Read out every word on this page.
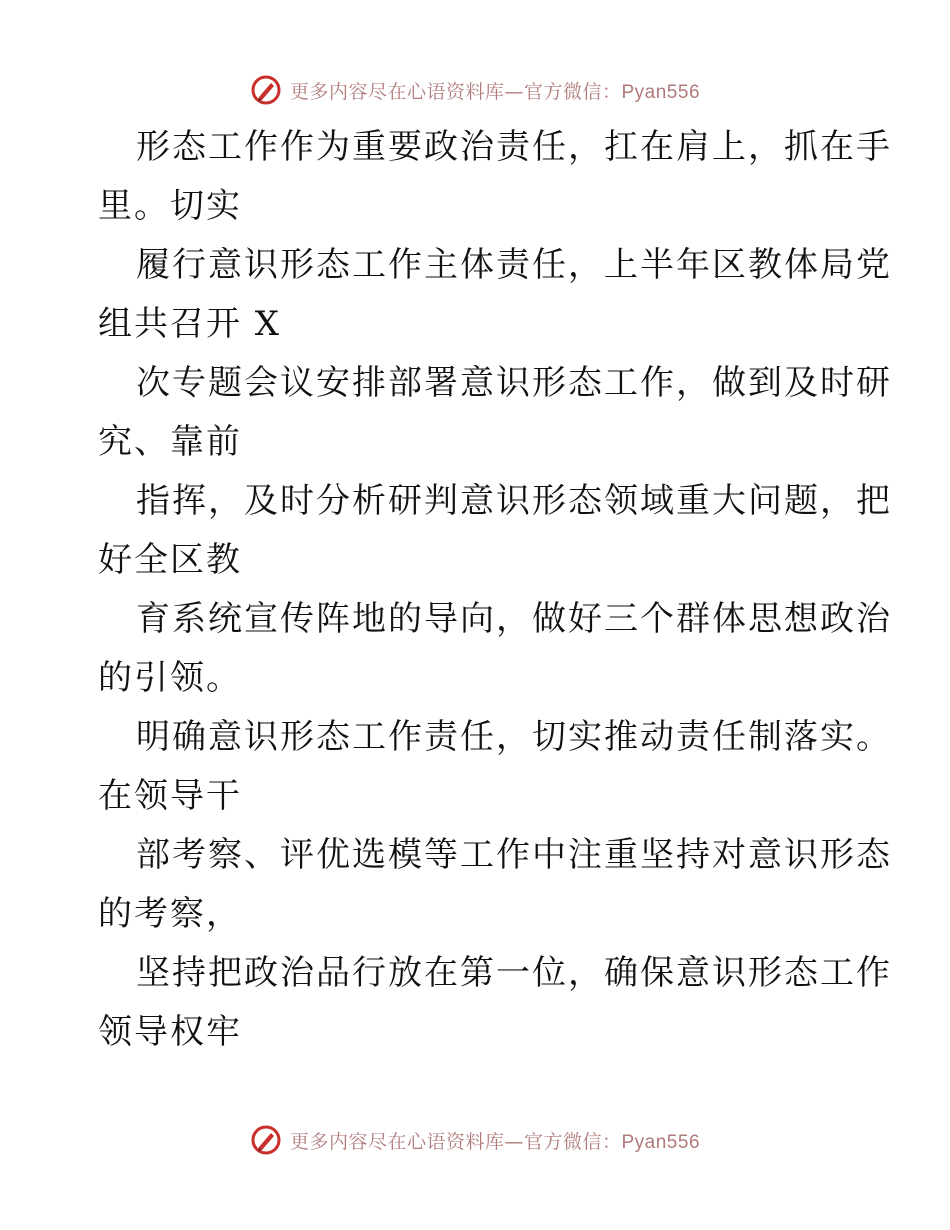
更多内容尽在心语资料库—官方微信：Pyan556
形态工作作为重要政治责任，扛在肩上，抓在手
里。切实
履行意识形态工作主体责任，上半年区教体局党
组共召开 X
次专题会议安排部署意识形态工作，做到及时研
究、靠前
指挥，及时分析研判意识形态领域重大问题，把
好全区教
育系统宣传阵地的导向，做好三个群体思想政治
的引领。
明确意识形态工作责任，切实推动责任制落实。
在领导干
部考察、评优选模等工作中注重坚持对意识形态
的考察，
坚持把政治品行放在第一位，确保意识形态工作
领导权牢
更多内容尽在心语资料库—官方微信：Pyan556
